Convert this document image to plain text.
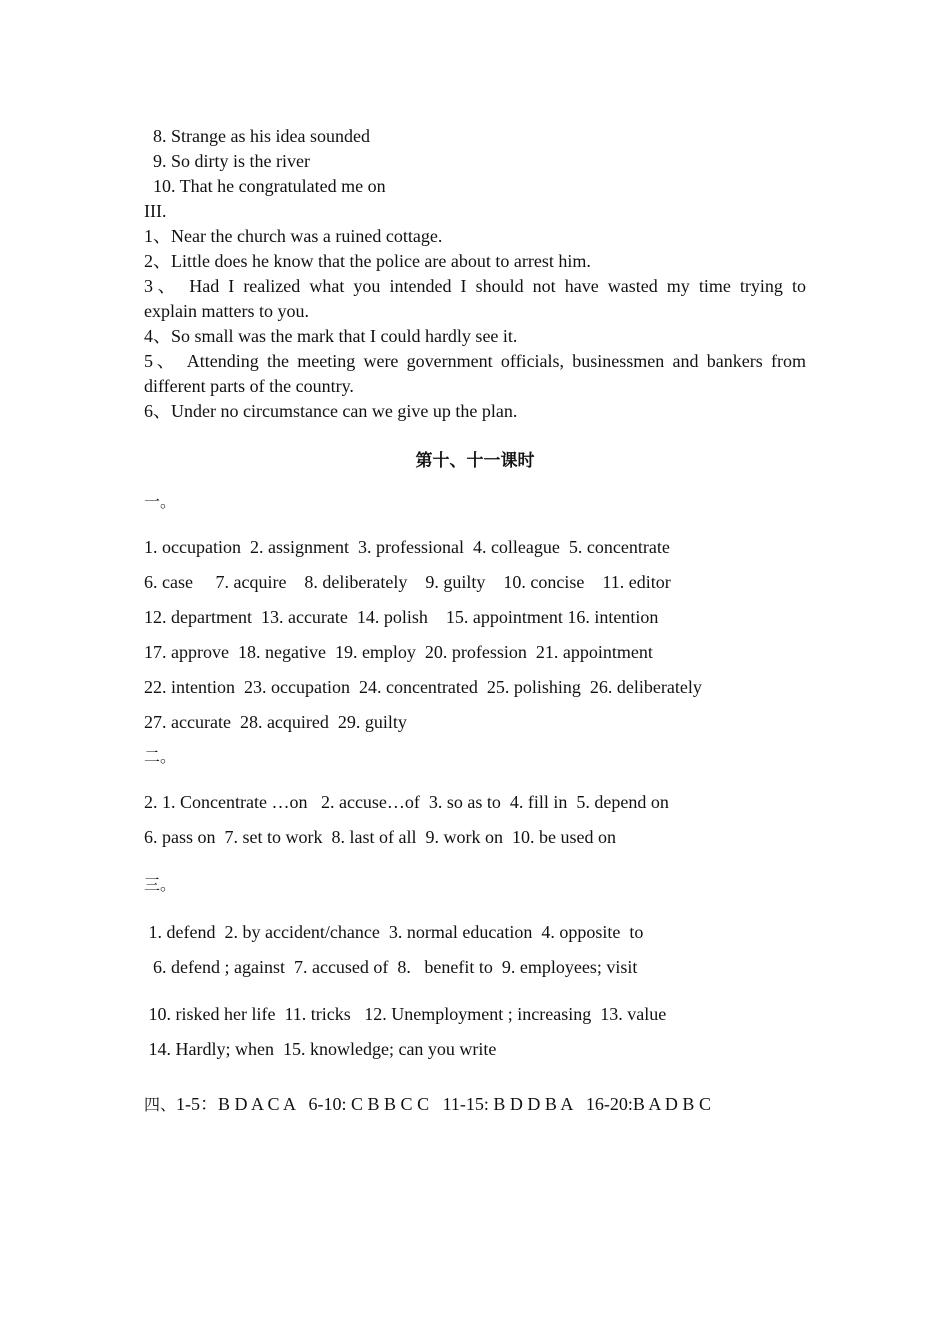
8. Strange as his idea sounded
9. So dirty is the river
10. That he congratulated me on
III.
1、Near the church was a ruined cottage.
2、Little does he know that the police are about to arrest him.
3、 Had I realized what you intended I should not have wasted my time trying to
explain matters to you.
4、So small was the mark that I could hardly see it.
5、 Attending the meeting were government officials, businessmen and bankers from
different parts of the country.
6、Under no circumstance can we give up the plan.
第十、十一课时
一。
1. occupation  2. assignment  3. professional  4. colleague  5. concentrate
6. case     7. acquire    8. deliberately    9. guilty    10. concise    11. editor
12. department  13. accurate  14. polish    15. appointment 16. intention
17. approve  18. negative  19. employ  20. profession  21. appointment
22. intention  23. occupation  24. concentrated  25. polishing  26. deliberately
27. accurate  28. acquired  29. guilty
二。
2. 1. Concentrate …on   2. accuse…of  3. so as to  4. fill in  5. depend on
6. pass on  7. set to work  8. last of all  9. work on  10. be used on
三。
1. defend  2. by accident/chance  3. normal education  4. opposite  to
6. defend ; against  7. accused of  8.   benefit to  9. employees; visit
10. risked her life  11. tricks   12. Unemployment ; increasing  13. value
14. Hardly; when  15. knowledge; can you write
四、1-5：B D A C A   6-10: C B B C C   11-15: B D D B A   16-20:B A D B C
